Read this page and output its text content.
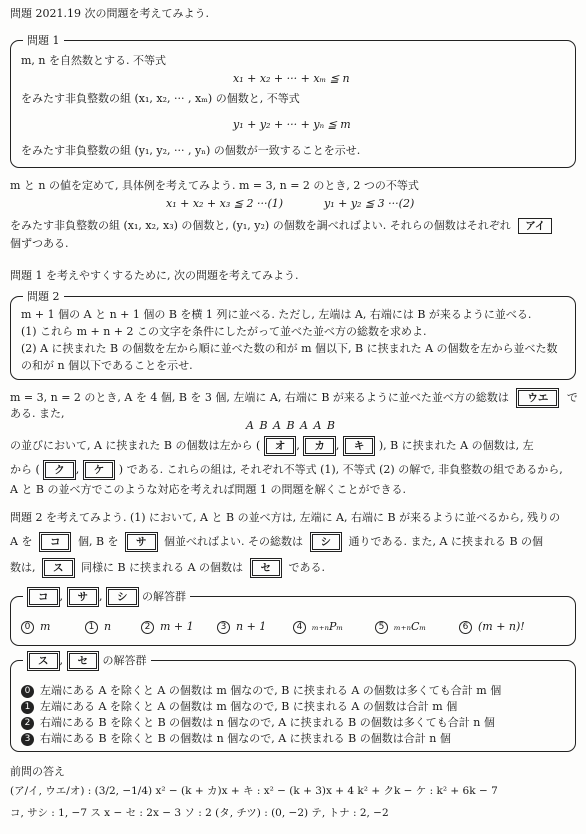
問題 2021.19 次の問題を考えてみよう.
問題 1
m, n を自然数とする. 不等式
x₁ + x₂ + ··· + xₘ ≦ n
をみたす非負整数の組 (x₁, x₂, ··· , xₘ) の個数と, 不等式
y₁ + y₂ + ··· + yₙ ≦ m
をみたす非負整数の組 (y₁, y₂, ··· , yₙ) の個数が一致することを示せ.
m と n の値を定めて, 具体例を考えてみよう. m = 3, n = 2 のとき, 2 つの不等式
x₁ + x₂ + x₃ ≦ 2 ···(1)	y₁ + y₂ ≦ 3 ···(2)
をみたす非負整数の組 (x₁, x₂, x₃) の個数と, (y₁, y₂) の個数を調べればよい. それらの個数はそれぞれ アイ
個ずつある.
問題 1 を考えやすくするために, 次の問題を考えてみよう.
問題 2
m + 1 個の A と n + 1 個の B を横 1 列に並べる. ただし, 左端は A, 右端には B が来るように並べる.
(1) これら m + n + 2 この文字を条件にしたがって並べた並べ方の総数を求めよ.
(2) A に挟まれた B の個数を左から順に並べた数の和が m 個以下, B に挟まれた A の個数を左から並べた数
の和が n 個以下であることを示せ.
m = 3, n = 2 のとき, A を 4 個, B を 3 個, 左端に A, 右端に B が来るように並べた並べ方の総数は ウエ で
ある. また,
A B A B A A B
の並びにおいて, A に挟まれた B の個数は左から ( オ , カ , キ ), B に挟まれた A の個数は, 左
から ( ク , ケ ) である. これらの組は, それぞれ不等式 (1), 不等式 (2) の解で, 非負整数の組であるから,
A と B の並べ方でこのような対応を考えれば問題 1 の問題を解くことができる.
問題 2 を考えてみよう. (1) において, A と B の並べ方は, 左端に A, 右端に B が来るように並べるから, 残りの
A を コ 個, B を サ 個並べればよい. その総数は シ 通りである. また, A に挟まれる B の個
数は, ス 同様に B に挟まれる A の個数は セ である.
コ , サ , シ の解答群
0 m	1 n	2 m + 1	3 n + 1	4 ₘ₊ₙPₘ	5 ₘ₊ₙCₘ	6 (m + n)!
ス , セ の解答群
0 左端にある A を除くと A の個数は m 個なので, B に挟まれる A の個数は多くても合計 m 個
1 左端にある A を除くと A の個数は m 個なので, B に挟まれる A の個数は合計 m 個
2 右端にある B を除くと B の個数は n 個なので, A に挟まれる B の個数は多くても合計 n 個
3 右端にある B を除くと B の個数は n 個なので, A に挟まれる B の個数は合計 n 個
前問の答え
(ア/イ, ウエ/オ) : (3/2, −1/4) x² − (k + カ)x + キ : x² − (k + 3)x + 4 k² + クk − ケ : k² + 6k − 7
コ, サシ : 1, −7 ス x − セ : 2x − 3 ソ : 2 (タ, チツ) : (0, −2) テ, トナ : 2, −2
